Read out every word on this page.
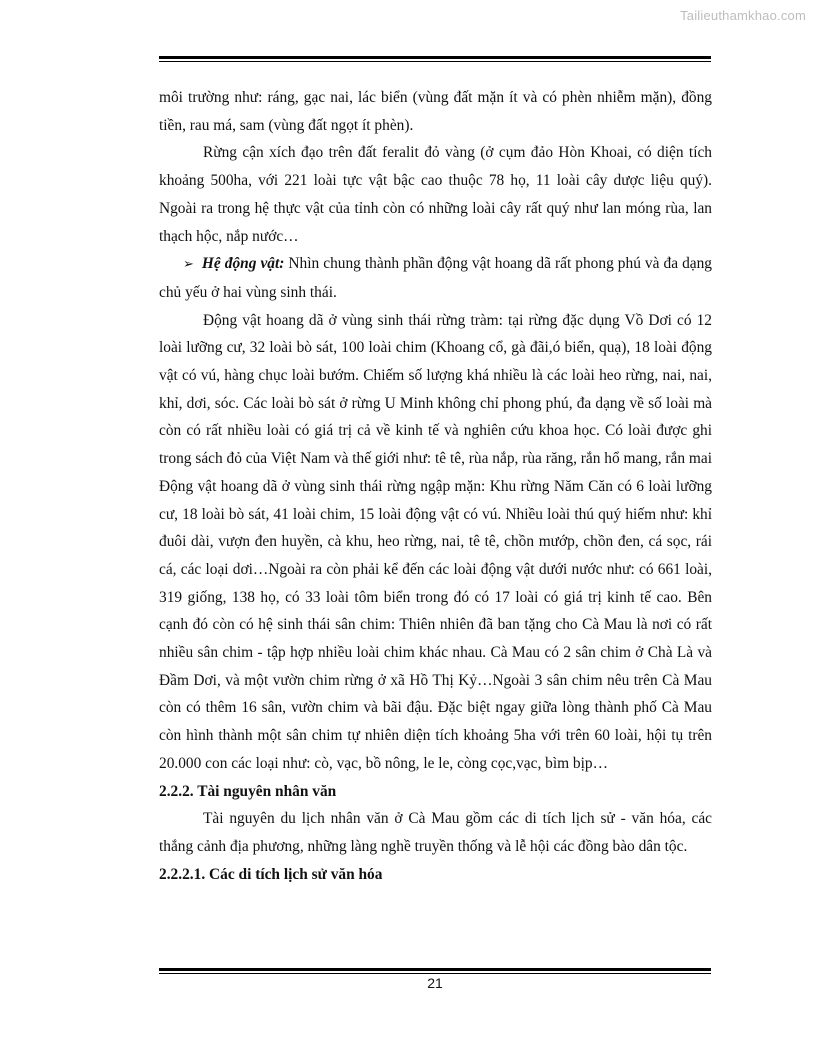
Tailieuthamkhao.com

môi trường như: ráng, gạc nai, lác biển (vùng đất mặn ít và có phèn nhiễm mặn), đồng tiền, rau má, sam (vùng đất ngọt ít phèn).

Rừng cận xích đạo trên đất feralit đỏ vàng (ở cụm đảo Hòn Khoai, có diện tích khoảng 500ha, với 221 loài tực vật bậc cao thuộc 78 họ, 11 loài cây dược liệu quý). Ngoài ra trong hệ thực vật của tỉnh còn có những loài cây rất quý như lan móng rùa, lan thạch hộc, nắp nước…

➢ Hệ động vật: Nhìn chung thành phần động vật hoang dã rất phong phú và đa dạng chủ yếu ở hai vùng sinh thái.

Động vật hoang dã ở vùng sinh thái rừng tràm: tại rừng đặc dụng Vồ Dơi có 12 loài lưỡng cư, 32 loài bò sát, 100 loài chim (Khoang cổ, gà đãi,ó biển, quạ), 18 loài động vật có vú, hàng chục loài bướm. Chiếm số lượng khá nhiều là các loài heo rừng, nai, nai, khỉ, dơi, sóc. Các loài bò sát ở rừng U Minh không chỉ phong phú, đa dạng về số loài mà còn có rất nhiều loài có giá trị cả về kinh tế và nghiên cứu khoa học. Có loài được ghi trong sách đỏ của Việt Nam và thế giới như: tê tê, rùa nắp, rùa răng, rắn hổ mang, rắn mai Động vật hoang dã ở vùng sinh thái rừng ngập mặn: Khu rừng Năm Căn có 6 loài lưỡng cư, 18 loài bò sát, 41 loài chim, 15 loài động vật có vú. Nhiều loài thú quý hiếm như: khỉ đuôi dài, vượn đen huyền, cà khu, heo rừng, nai, tê tê, chồn mướp, chồn đen, cá sọc, rái cá, các loại dơi…Ngoài ra còn phải kể đến các loài động vật dưới nước như: có 661 loài, 319 giống, 138 họ, có 33 loài tôm biển trong đó có 17 loài có giá trị kinh tế cao. Bên cạnh đó còn có hệ sinh thái sân chim: Thiên nhiên đã ban tặng cho Cà Mau là nơi có rất nhiều sân chim - tập hợp nhiều loài chim khác nhau. Cà Mau có 2 sân chim ở Chà Là và Đầm Dơi, và một vườn chim rừng ở xã Hồ Thị Kỷ…Ngoài 3 sân chim nêu trên Cà Mau còn có thêm 16 sân, vườn chim và bãi đậu. Đặc biệt ngay giữa lòng thành phố Cà Mau còn hình thành một sân chim tự nhiên diện tích khoảng 5ha với trên 60 loài, hội tụ trên 20.000 con các loại như: cò, vạc, bồ nông, le le, còng cọc,vạc, bìm bịp…

2.2.2. Tài nguyên nhân văn

Tài nguyên du lịch nhân văn ở Cà Mau gồm các di tích lịch sử - văn hóa, các thắng cảnh địa phương, những làng nghề truyền thống và lễ hội các đồng bào dân tộc.

2.2.2.1. Các di tích lịch sử văn hóa

21
